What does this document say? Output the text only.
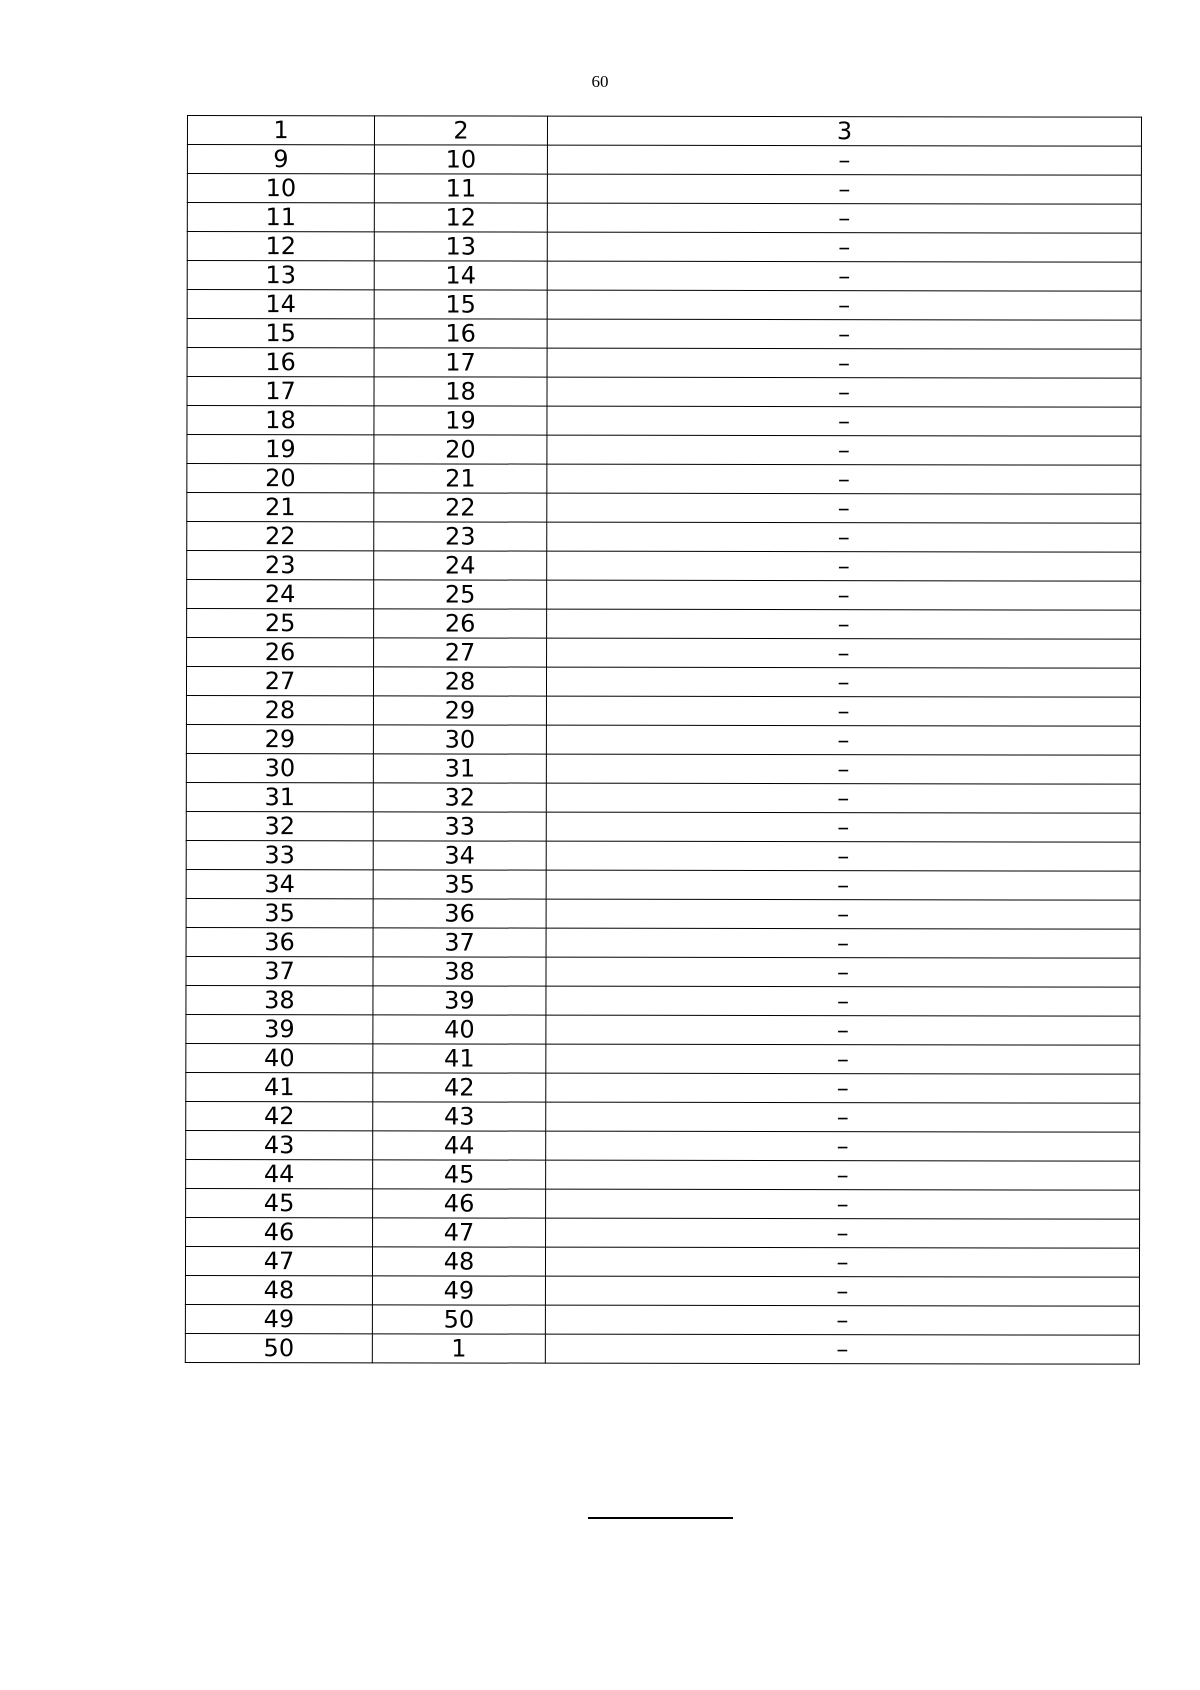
60
1	2	3
9	10	–
10	11	–
11	12	–
12	13	–
13	14	–
14	15	–
15	16	–
16	17	–
17	18	–
18	19	–
19	20	–
20	21	–
21	22	–
22	23	–
23	24	–
24	25	–
25	26	–
26	27	–
27	28	–
28	29	–
29	30	–
30	31	–
31	32	–
32	33	–
33	34	–
34	35	–
35	36	–
36	37	–
37	38	–
38	39	–
39	40	–
40	41	–
41	42	–
42	43	–
43	44	–
44	45	–
45	46	–
46	47	–
47	48	–
48	49	–
49	50	–
50	1	–
